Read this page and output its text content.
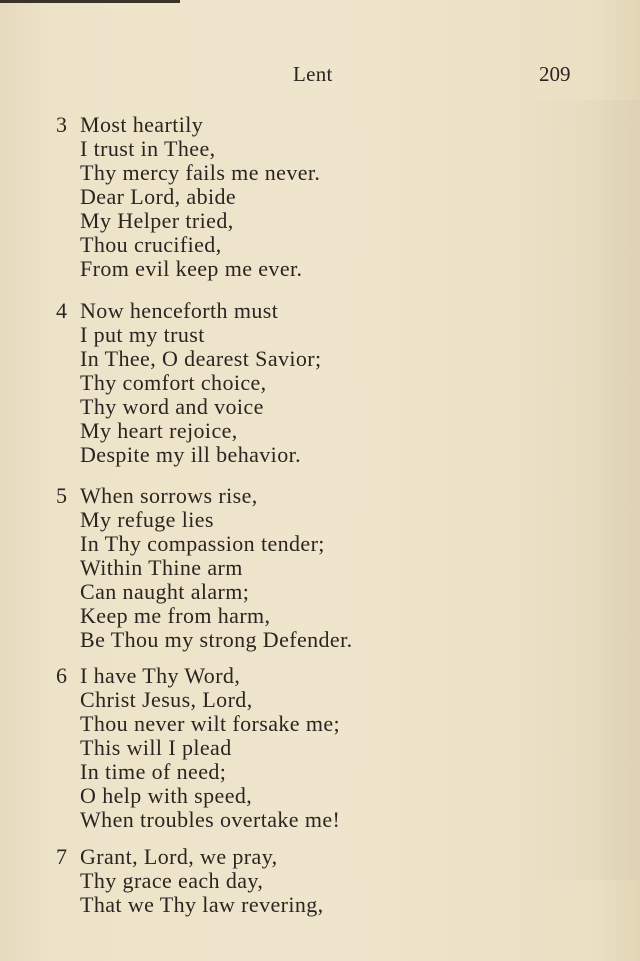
Lent	209
3 Most heartily
I trust in Thee,
Thy mercy fails me never.
Dear Lord, abide
My Helper tried,
Thou crucified,
From evil keep me ever.
4 Now henceforth must
I put my trust
In Thee, O dearest Savior;
Thy comfort choice,
Thy word and voice
My heart rejoice,
Despite my ill behavior.
5 When sorrows rise,
My refuge lies
In Thy compassion tender;
Within Thine arm
Can naught alarm;
Keep me from harm,
Be Thou my strong Defender.
6 I have Thy Word,
Christ Jesus, Lord,
Thou never wilt forsake me;
This will I plead
In time of need;
O help with speed,
When troubles overtake me!
7 Grant, Lord, we pray,
Thy grace each day,
That we Thy law revering,
